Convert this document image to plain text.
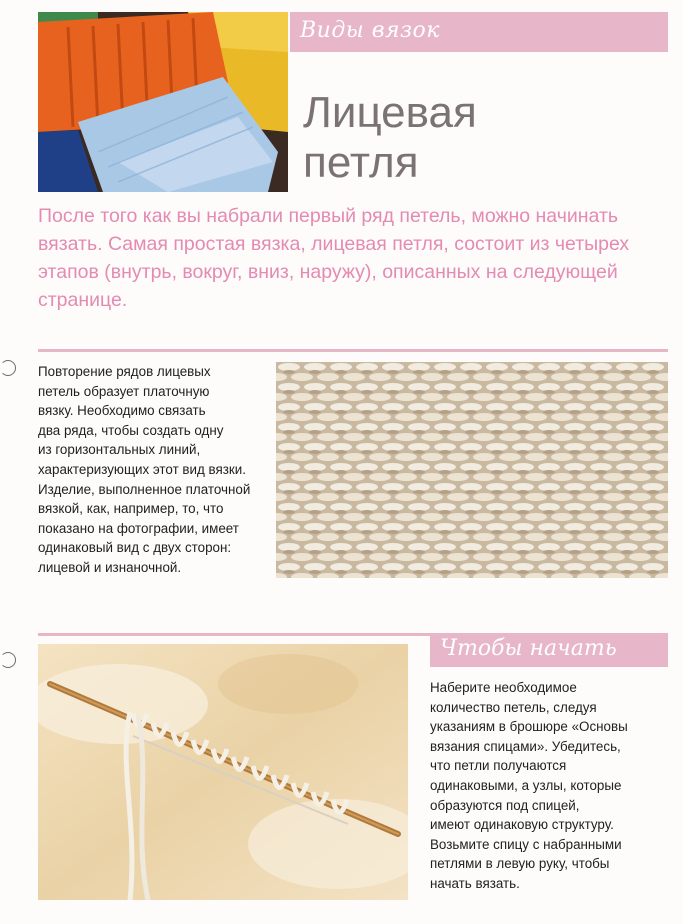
Виды вязок
Лицевая
петля
После того как вы набрали первый ряд петель, можно начинать вязать. Самая простая вязка, лицевая петля, состоит из четырех этапов (внутрь, вокруг, вниз, наружу), описанных на следующей странице.
Повторение рядов лицевых
петель образует платочную
вязку. Необходимо связать
два ряда, чтобы создать одну
из горизонтальных линий,
характеризующих этот вид вязки.
Изделие, выполненное платочной
вязкой, как, например, то, что
показано на фотографии, имеет
одинаковый вид с двух сторон:
лицевой и изнаночной.
Чтобы начать
Наберите необходимое
количество петель, следуя
указаниям в брошюре «Основы
вязания спицами». Убедитесь,
что петли получаются
одинаковыми, а узлы, которые
образуются под спицей,
имеют одинаковую структуру.
Возьмите спицу с набранными
петлями в левую руку, чтобы
начать вязать.
